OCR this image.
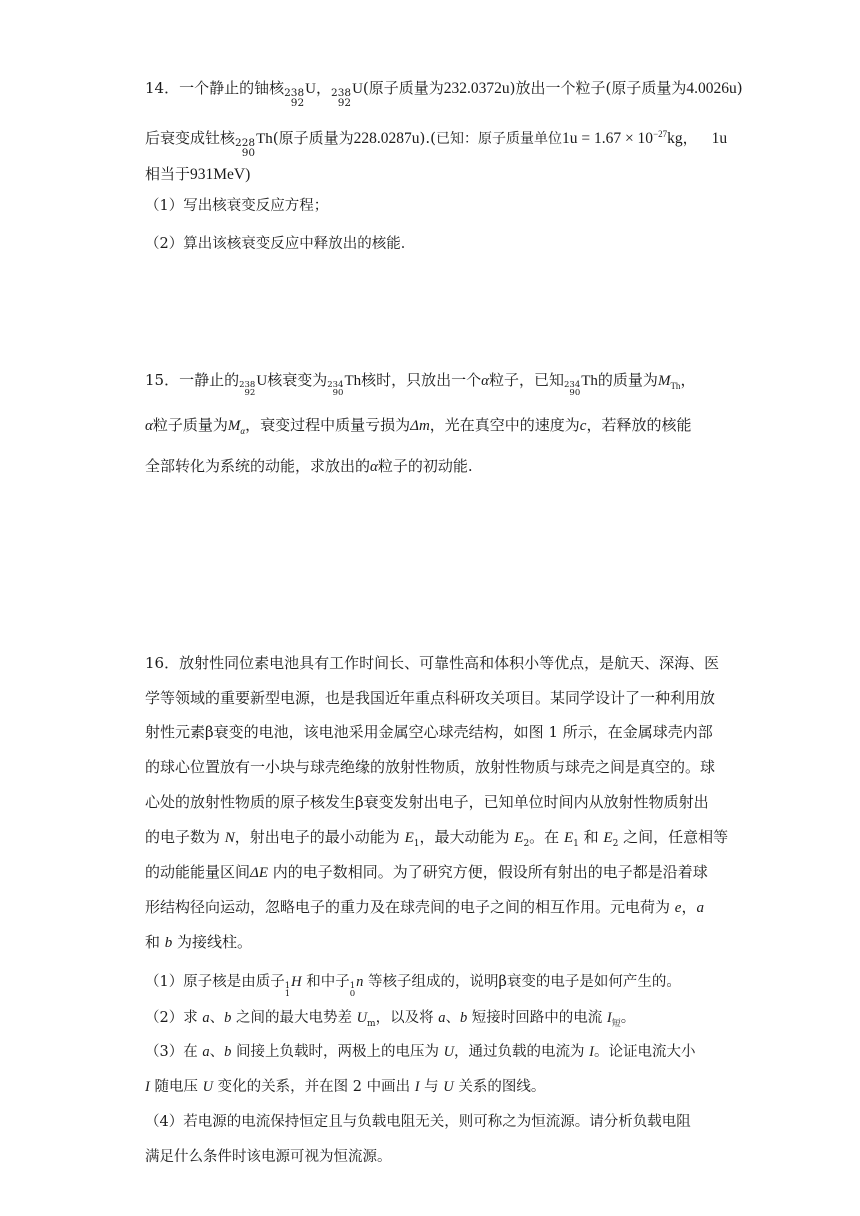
14．一个静止的铀核 238
92
U ， 238
92
U (原子质量为232.0372u)放出一个粒子(原子质量为4.0026u)
后衰变成钍核 228
90
Th (原子质量为228.0287u).(已知：原子质量单位$1u = 1.67 \times 10^{-27}kg$， 1u
相当于931MeV)
（1）写出核衰变反应方程；
（2）算出该核衰变反应中释放出的核能．
15．一静止的 238
92
U 核衰变为 234
90
Th 核时，只放出一个α粒子，已知 234
90
Th 的质量为$M_{Th}$，
α粒子质量为$M_\alpha$，衰变过程中质量亏损为Δm，光在真空中的速度为c，若释放的核能
全部转化为系统的动能，求放出的α粒子的初动能.
16．放射性同位素电池具有工作时间长、可靠性高和体积小等优点，是航天、深海、医
学等领域的重要新型电源，也是我国近年重点科研攻关项目。某同学设计了一种利用放
射性元素β衰变的电池，该电池采用金属空心球壳结构，如图 1 所示，在金属球壳内部
的球心位置放有一小块与球壳绝缘的放射性物质，放射性物质与球壳之间是真空的。球
心处的放射性物质的原子核发生β衰变发射出电子，已知单位时间内从放射性物质射出
的电子数为 N，射出电子的最小动能为 $E_1$，最大动能为 $E_2$。在 $E_1$ 和 $E_2$ 之间，任意相等
的动能能量区间ΔE 内的电子数相同。为了研究方便，假设所有射出的电子都是沿着球
形结构径向运动，忽略电子的重力及在球壳间的电子之间的相互作用。元电荷为 e，a
和 b 为接线柱。
（1）原子核是由质子 1
1
H 和中子 1
0
n 等核子组成的，说明β衰变的电子是如何产生的。
（2）求 a、b 之间的最大电势差 $U_m$，以及将 a、b 短接时回路中的电流 $I_短$。
（3）在 a、b 间接上负载时，两极上的电压为 U，通过负载的电流为 I。论证电流大小
I 随电压 U 变化的关系，并在图 2 中画出 I 与 U 关系的图线。
（4）若电源的电流保持恒定且与负载电阻无关，则可称之为恒流源。请分析负载电阻
满足什么条件时该电源可视为恒流源。
